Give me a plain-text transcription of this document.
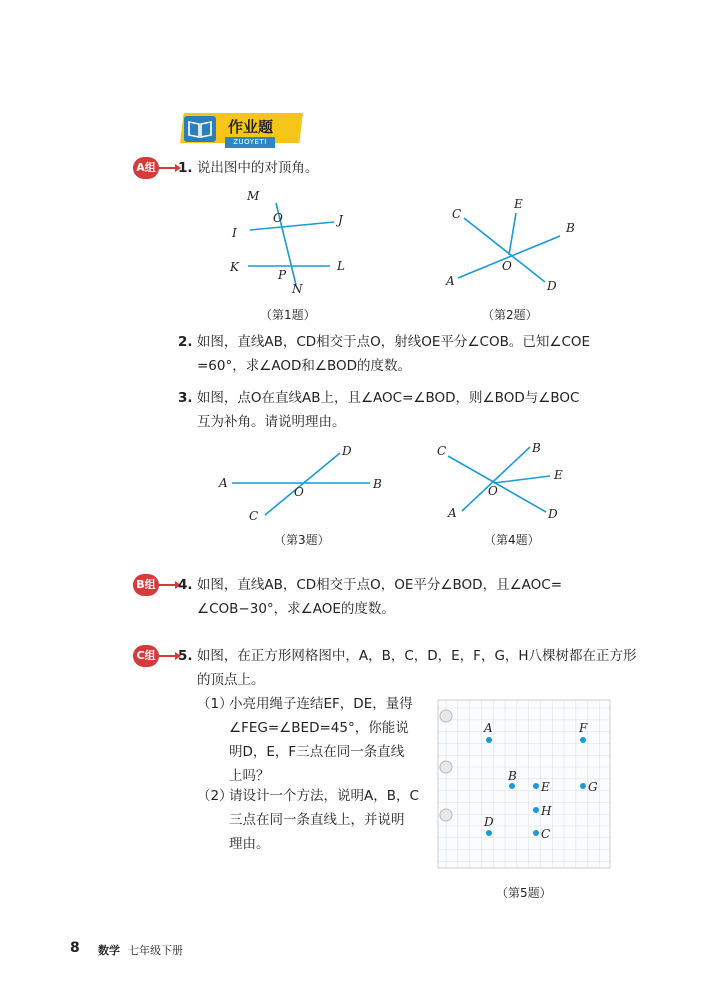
作业题
ZUOYETI
A组 1. 说出图中的对顶角。
M
O	J
I
K	L
P
N
（第1题）
C
E
B
O
A	D
（第2题）
2. 如图，直线AB，CD相交于点O，射线OE平分∠COB。已知∠COE
=60°，求∠AOD和∠BOD的度数。
3. 如图，点O在直线AB上，且∠AOC=∠BOD，则∠BOD与∠BOC
互为补角。请说明理由。
A	B
D
O
C
（第3题）
C	B
E
O
A	D
（第4题）
B组 4. 如图，直线AB，CD相交于点O，OE平分∠BOD，且∠AOC=
∠COB−30°，求∠AOE的度数。
C组 5. 如图，在正方形网格图中，A，B，C，D，E，F，G，H八棵树都在正方形
的顶点上。
（1）
小亮用绳子连结EF，DE，量得
∠FEG=∠BED=45°，你能说
明D，E，F三点在同一条直线
上吗？
（2）
请设计一个方法，说明A，B，C
三点在同一条直线上，并说明
理由。
A	F
B
E	G
H
D
C
（第5题）
8 数学 七年级下册
